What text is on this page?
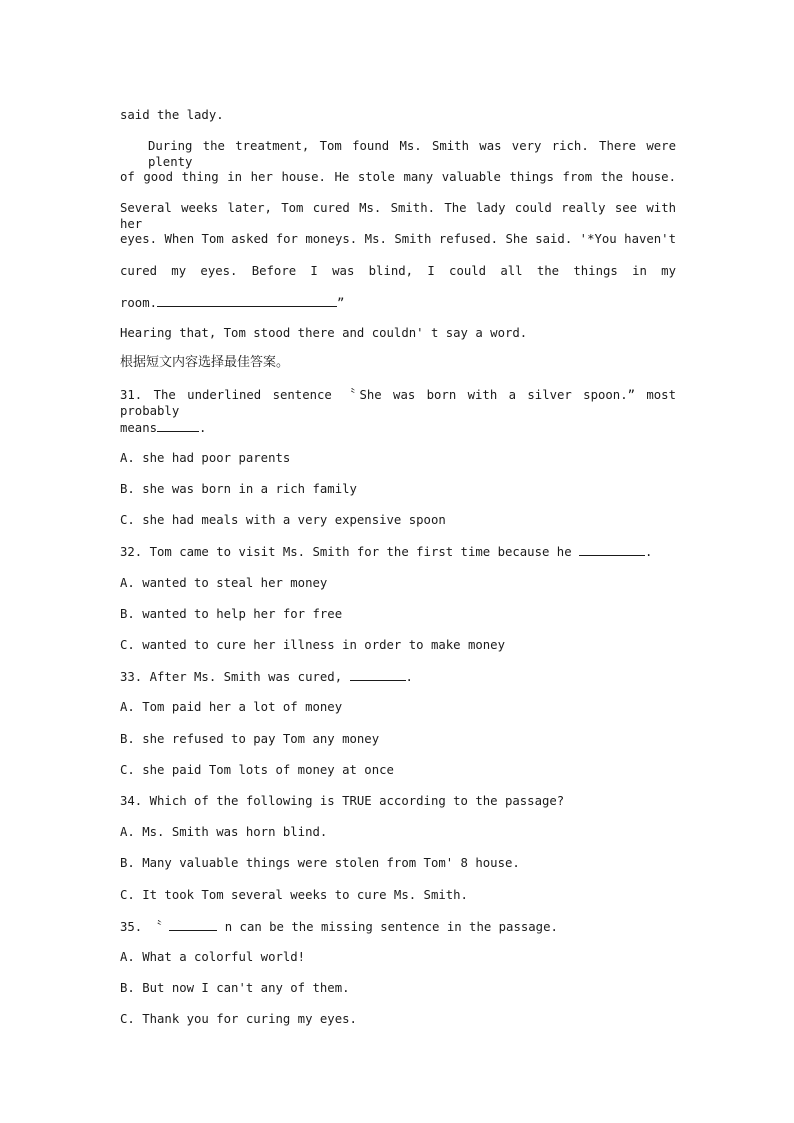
said the lady.
During the treatment, Tom found Ms. Smith was very rich. There were plenty
of good thing in her house. He stole many valuable things from the house.
Several weeks later, Tom cured Ms. Smith. The lady could really see with her
eyes. When Tom asked for moneys. Ms. Smith refused. She said. '*You haven't
cured my eyes. Before I was blind, I could all the things in my
room.	”
Hearing that, Tom stood there and couldn' t say a word.
根据短文内容选择最佳答案。
31. The underlined sentence 〝She was born with a silver spoon.” most probably
means	.
A. she had poor parents
B. she was born in a rich family
C. she had meals with a very expensive spoon
32. Tom came to visit Ms. Smith for the first time because he	.
A. wanted to steal her money
B. wanted to help her for free
C. wanted to cure her illness in order to make money
33. After Ms. Smith was cured,	.
A. Tom paid her a lot of money
B. she refused to pay Tom any money
C. she paid Tom lots of money at once
34. Which of the following is TRUE according to the passage?
A. Ms. Smith was horn blind.
B. Many valuable things were stolen from Tom' 8 house.
C. It took Tom several weeks to cure Ms. Smith.
35. 〝	n can be the missing sentence in the passage.
A. What a colorful world!
B. But now I can't any of them.
C. Thank you for curing my eyes.
